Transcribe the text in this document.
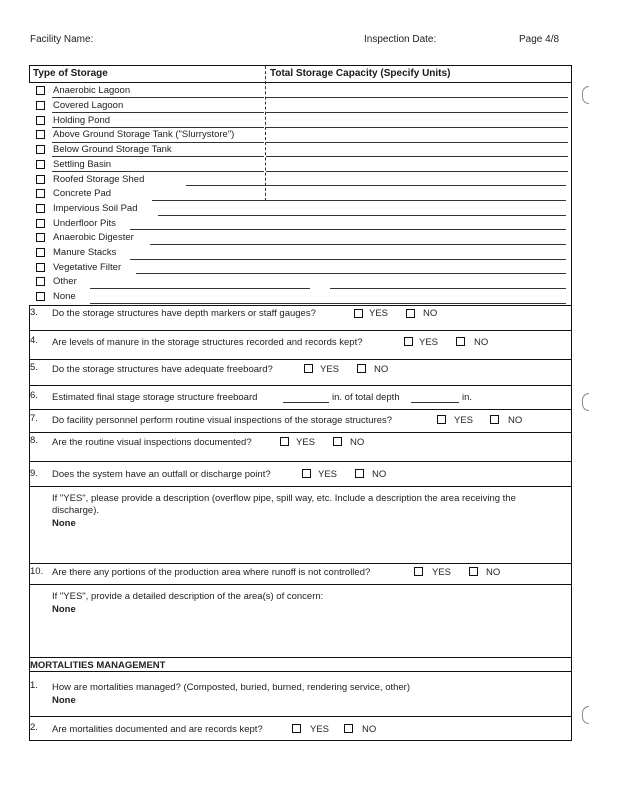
Facility Name:	Inspection Date:	Page 4/8
Type of Storage	Total Storage Capacity (Specify Units)
Anaerobic Lagoon
Covered Lagoon
Holding Pond
Above Ground Storage Tank ("Slurrystore")
Below Ground Storage Tank
Settling Basin
Roofed Storage Shed
Concrete Pad
Impervious Soil Pad
Underfloor Pits
Anaerobic Digester
Manure Stacks
Vegetative Filter
Other
None
3. Do the storage structures have depth markers or staff gauges?	YES	NO
4. Are levels of manure in the storage structures recorded and records kept?	YES	NO
5. Do the storage structures have adequate freeboard?	YES	NO
6. Estimated final stage storage structure freeboard	in. of total depth	in.
7. Do facility personnel perform routine visual inspections of the storage structures?	YES	NO
8. Are the routine visual inspections documented?	YES	NO
9. Does the system have an outfall or discharge point?	YES	NO
If "YES", please provide a description (overflow pipe, spill way, etc. Include a description the area receiving the
discharge).
None
10. Are there any portions of the production area where runoff is not controlled?	YES	NO
If "YES", provide a detailed description of the area(s) of concern:
None
MORTALITIES MANAGEMENT
1. How are mortalities managed? (Composted, buried, burned, rendering service, other)
None
2. Are mortalities documented and are records kept?	YES	NO
